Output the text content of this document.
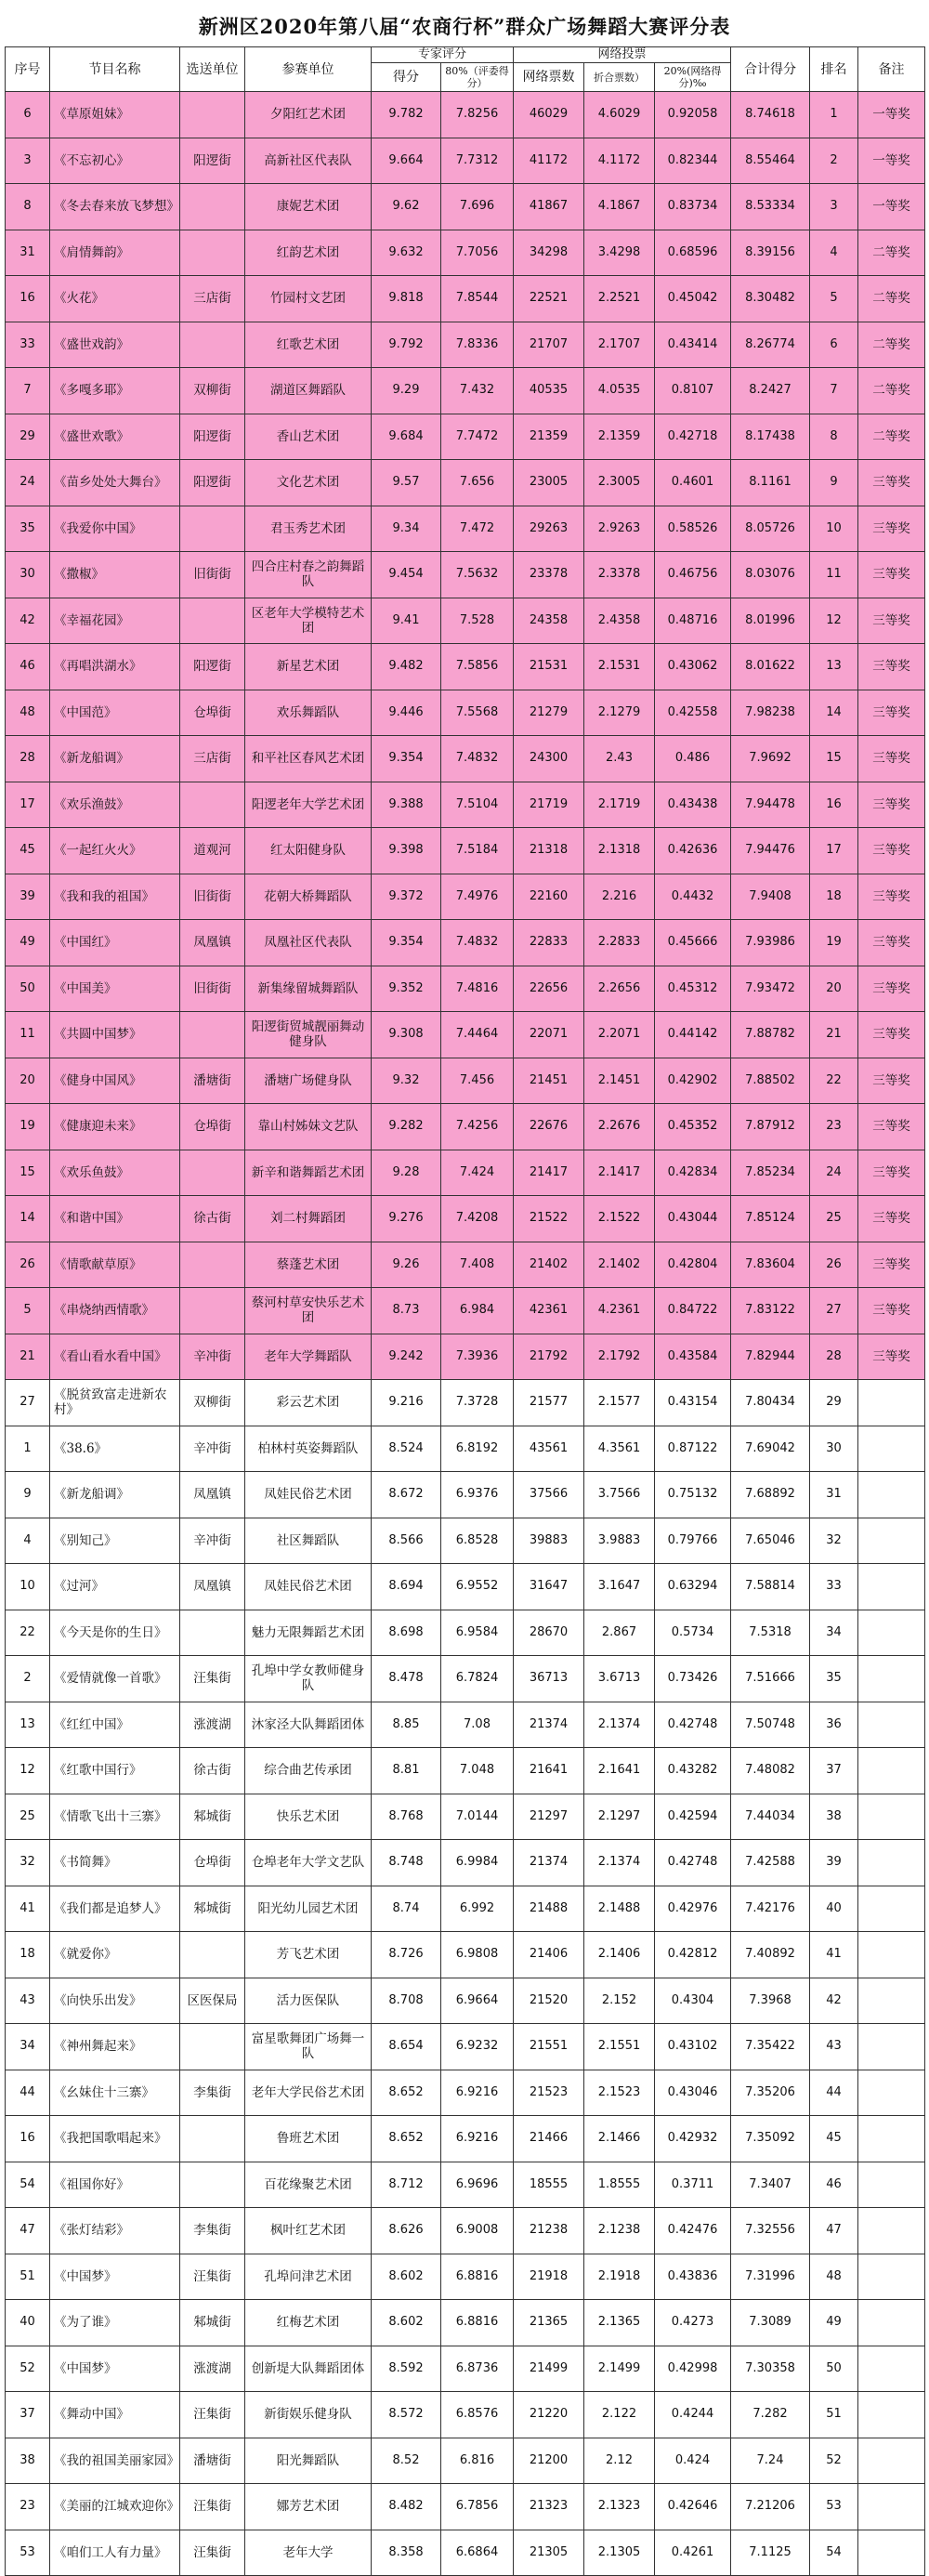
新洲区2020年第八届“农商行杯”群众广场舞蹈大赛评分表
序号	节目名称	选送单位	参赛单位	专家评分		网络投票			合计得分	排名	备注
				得分	80%（评委得分）	网络票数	折合票数）	20%(网络得分)‰			
6	《草原姐妹》		夕阳红艺术团	9.782	7.8256	46029	4.6029	0.92058	8.74618	1	一等奖
3	《不忘初心》	阳逻街	高新社区代表队	9.664	7.7312	41172	4.1172	0.82344	8.55464	2	一等奖
8	《冬去春来放飞梦想》		康妮艺术团	9.62	7.696	41867	4.1867	0.83734	8.53334	3	一等奖
31	《肩情舞韵》		红韵艺术团	9.632	7.7056	34298	3.4298	0.68596	8.39156	4	二等奖
16	《火花》	三店街	竹园村文艺团	9.818	7.8544	22521	2.2521	0.45042	8.30482	5	二等奖
33	《盛世戏韵》		红歌艺术团	9.792	7.8336	21707	2.1707	0.43414	8.26774	6	二等奖
7	《多嘎多耶》	双柳街	湖道区舞蹈队	9.29	7.432	40535	4.0535	0.8107	8.2427	7	二等奖
29	《盛世欢歌》	阳逻街	香山艺术团	9.684	7.7472	21359	2.1359	0.42718	8.17438	8	二等奖
24	《苗乡处处大舞台》	阳逻街	文化艺术团	9.57	7.656	23005	2.3005	0.4601	8.1161	9	三等奖
35	《我爱你中国》		君玉秀艺术团	9.34	7.472	29263	2.9263	0.58526	8.05726	10	三等奖
30	《撒椒》	旧街街	四合庄村春之韵舞蹈队	9.454	7.5632	23378	2.3378	0.46756	8.03076	11	三等奖
42	《幸福花园》		区老年大学模特艺术团	9.41	7.528	24358	2.4358	0.48716	8.01996	12	三等奖
46	《再唱洪湖水》	阳逻街	新星艺术团	9.482	7.5856	21531	2.1531	0.43062	8.01622	13	三等奖
48	《中国范》	仓埠街	欢乐舞蹈队	9.446	7.5568	21279	2.1279	0.42558	7.98238	14	三等奖
28	《新龙船调》	三店街	和平社区春风艺术团	9.354	7.4832	24300	2.43	0.486	7.9692	15	三等奖
17	《欢乐渔鼓》		阳逻老年大学艺术团	9.388	7.5104	21719	2.1719	0.43438	7.94478	16	三等奖
45	《一起红火火》	道观河	红太阳健身队	9.398	7.5184	21318	2.1318	0.42636	7.94476	17	三等奖
39	《我和我的祖国》	旧街街	花朝大桥舞蹈队	9.372	7.4976	22160	2.216	0.4432	7.9408	18	三等奖
49	《中国红》	凤凰镇	凤凰社区代表队	9.354	7.4832	22833	2.2833	0.45666	7.93986	19	三等奖
50	《中国美》	旧街街	新集缘留城舞蹈队	9.352	7.4816	22656	2.2656	0.45312	7.93472	20	三等奖
11	《共圆中国梦》		阳逻街贸城靓丽舞动健身队	9.308	7.4464	22071	2.2071	0.44142	7.88782	21	三等奖
20	《健身中国风》	潘塘街	潘塘广场健身队	9.32	7.456	21451	2.1451	0.42902	7.88502	22	三等奖
19	《健康迎未来》	仓埠街	靠山村姊妹文艺队	9.282	7.4256	22676	2.2676	0.45352	7.87912	23	三等奖
15	《欢乐鱼鼓》		新辛和谐舞蹈艺术团	9.28	7.424	21417	2.1417	0.42834	7.85234	24	三等奖
14	《和谐中国》	徐古街	刘二村舞蹈团	9.276	7.4208	21522	2.1522	0.43044	7.85124	25	三等奖
26	《情歌献草原》		蔡蓬艺术团	9.26	7.408	21402	2.1402	0.42804	7.83604	26	三等奖
5	《串烧纳西情歌》		蔡河村草安快乐艺术团	8.73	6.984	42361	4.2361	0.84722	7.83122	27	三等奖
21	《看山看水看中国》	辛冲街	老年大学舞蹈队	9.242	7.3936	21792	2.1792	0.43584	7.82944	28	三等奖
27	《脱贫致富走进新农村》	双柳街	彩云艺术团	9.216	7.3728	21577	2.1577	0.43154	7.80434	29	
1	《38.6》	辛冲街	柏林村英姿舞蹈队	8.524	6.8192	43561	4.3561	0.87122	7.69042	30	
9	《新龙船调》	凤凰镇	凤娃民俗艺术团	8.672	6.9376	37566	3.7566	0.75132	7.68892	31	
4	《别知己》	辛冲街	社区舞蹈队	8.566	6.8528	39883	3.9883	0.79766	7.65046	32	
10	《过河》	凤凰镇	凤娃民俗艺术团	8.694	6.9552	31647	3.1647	0.63294	7.58814	33	
22	《今天是你的生日》		魅力无限舞蹈艺术团	8.698	6.9584	28670	2.867	0.5734	7.5318	34	
2	《爱情就像一首歌》	汪集街	孔埠中学女教师健身队	8.478	6.7824	36713	3.6713	0.73426	7.51666	35	
13	《红红中国》	涨渡湖	沐家泾大队舞蹈团体	8.85	7.08	21374	2.1374	0.42748	7.50748	36	
12	《红歌中国行》	徐古街	综合曲艺传承团	8.81	7.048	21641	2.1641	0.43282	7.48082	37	
25	《情歌飞出十三寨》	邾城街	快乐艺术团	8.768	7.0144	21297	2.1297	0.42594	7.44034	38	
32	《书简舞》	仓埠街	仓埠老年大学文艺队	8.748	6.9984	21374	2.1374	0.42748	7.42588	39	
41	《我们都是追梦人》	邾城街	阳光幼儿园艺术团	8.74	6.992	21488	2.1488	0.42976	7.42176	40	
18	《就爱你》		芳飞艺术团	8.726	6.9808	21406	2.1406	0.42812	7.40892	41	
43	《向快乐出发》	区医保局	活力医保队	8.708	6.9664	21520	2.152	0.4304	7.3968	42	
34	《神州舞起来》		富星歌舞团广场舞一队	8.654	6.9232	21551	2.1551	0.43102	7.35422	43	
44	《幺妹住十三寨》	李集街	老年大学民俗艺术团	8.652	6.9216	21523	2.1523	0.43046	7.35206	44	
16	《我把国歌唱起来》		鲁班艺术团	8.652	6.9216	21466	2.1466	0.42932	7.35092	45	
54	《祖国你好》		百花缘聚艺术团	8.712	6.9696	18555	1.8555	0.3711	7.3407	46	
47	《张灯结彩》	李集街	枫叶红艺术团	8.626	6.9008	21238	2.1238	0.42476	7.32556	47	
51	《中国梦》	汪集街	孔埠问津艺术团	8.602	6.8816	21918	2.1918	0.43836	7.31996	48	
40	《为了谁》	邾城街	红梅艺术团	8.602	6.8816	21365	2.1365	0.4273	7.3089	49	
52	《中国梦》	涨渡湖	创新堤大队舞蹈团体	8.592	6.8736	21499	2.1499	0.42998	7.30358	50	
37	《舞动中国》	汪集街	新街娱乐健身队	8.572	6.8576	21220	2.122	0.4244	7.282	51	
38	《我的祖国美丽家园》	潘塘街	阳光舞蹈队	8.52	6.816	21200	2.12	0.424	7.24	52	
23	《美丽的江城欢迎你》	汪集街	娜芳艺术团	8.482	6.7856	21323	2.1323	0.42646	7.21206	53	
53	《咱们工人有力量》	汪集街	老年大学	8.358	6.6864	21305	2.1305	0.4261	7.1125	54	
